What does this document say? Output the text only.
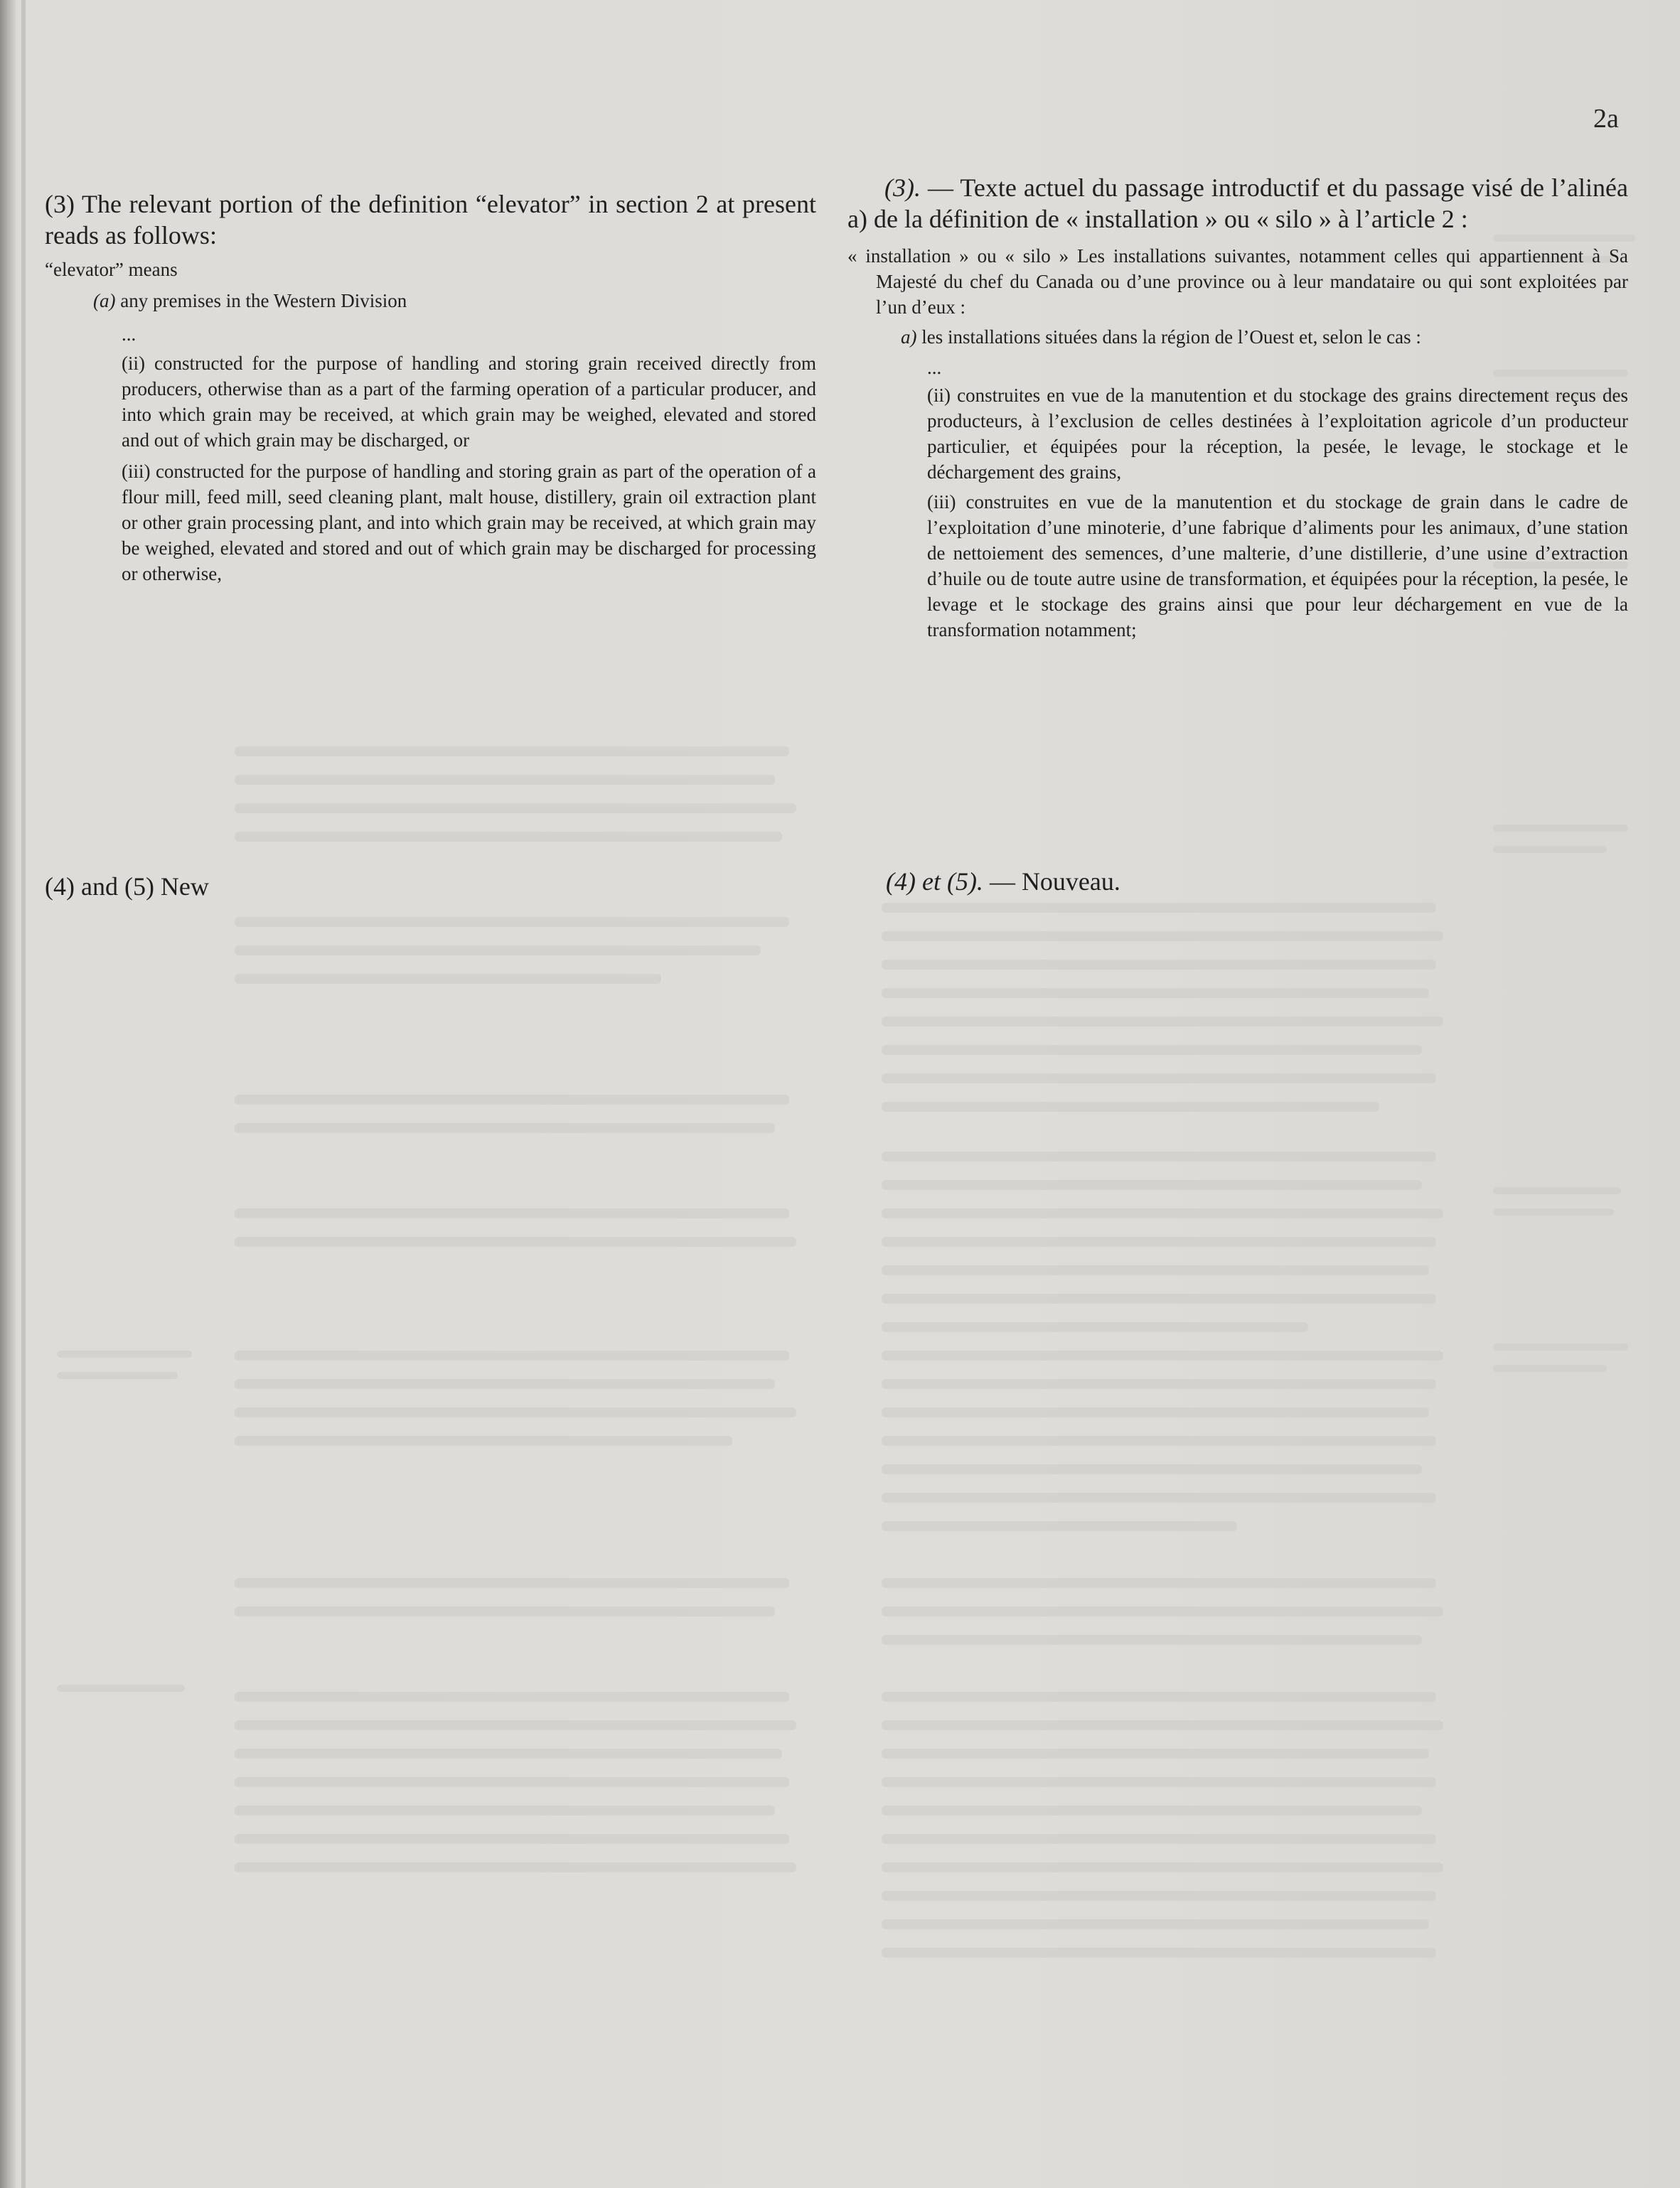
2a

(3) The relevant portion of the definition “elevator” in section 2 at present reads as follows:

“elevator” means

(a) any premises in the Western Division

...

(ii) constructed for the purpose of handling and storing grain received directly from producers, otherwise than as a part of the farming operation of a particular producer, and into which grain may be received, at which grain may be weighed, elevated and stored and out of which grain may be discharged, or

(iii) constructed for the purpose of handling and storing grain as part of the operation of a flour mill, feed mill, seed cleaning plant, malt house, distillery, grain oil extraction plant or other grain processing plant, and into which grain may be received, at which grain may be weighed, elevated and stored and out of which grain may be discharged for processing or otherwise,

(4) and (5) New

(3). — Texte actuel du passage introductif et du passage visé de l’alinéa a) de la définition de « installation » ou « silo » à l’article 2 :

« installation » ou « silo » Les installations suivantes, notamment celles qui appartiennent à Sa Majesté du chef du Canada ou d’une province ou à leur mandataire ou qui sont exploitées par l’un d’eux :

a) les installations situées dans la région de l’Ouest et, selon le cas :

...

(ii) construites en vue de la manutention et du stockage des grains directement reçus des producteurs, à l’exclusion de celles destinées à l’exploitation agricole d’un producteur particulier, et équipées pour la réception, la pesée, le levage, le stockage et le déchargement des grains,

(iii) construites en vue de la manutention et du stockage de grain dans le cadre de l’exploitation d’une minoterie, d’une fabrique d’aliments pour les animaux, d’une station de nettoiement des semences, d’une malterie, d’une distillerie, d’une usine d’extraction d’huile ou de toute autre usine de transformation, et équipées pour la réception, la pesée, le levage et le stockage des grains ainsi que pour leur déchargement en vue de la transformation notamment;

(4) et (5). — Nouveau.
